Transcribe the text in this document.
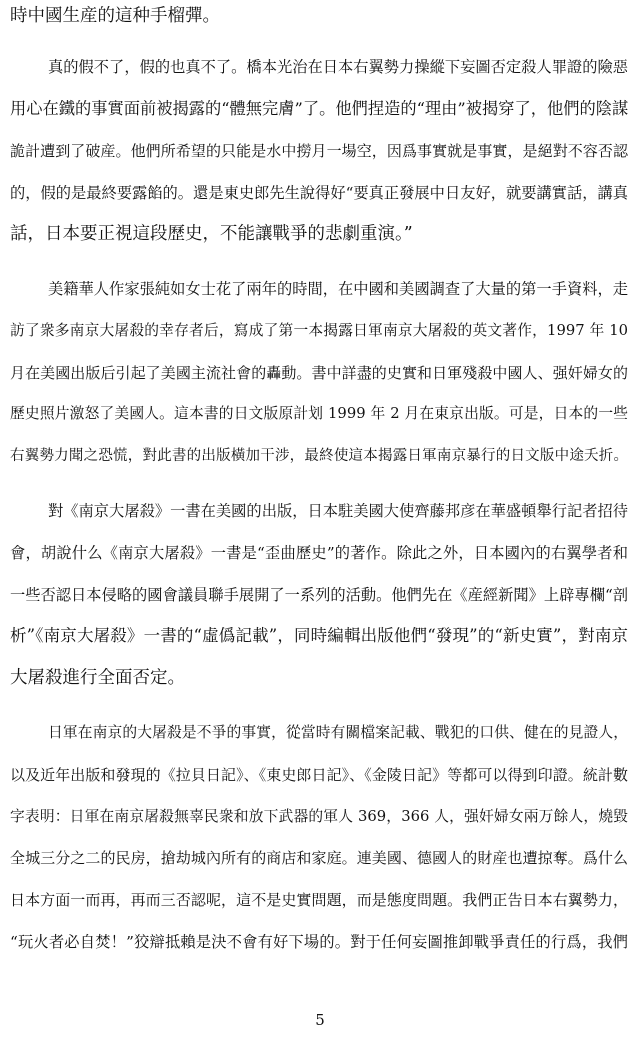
時中國生産的這种手榴彈。
真的假不了，假的也真不了。橋本光治在日本右翼勢力操縱下妄圖否定殺人罪證的險惡
用心在鐵的事實面前被揭露的“體無完膚”了。他們捏造的“理由”被揭穿了，他們的陰謀
詭計遭到了破産。他們所希望的只能是水中撈月一場空，因爲事實就是事實，是絕對不容否認
的，假的是最終要露餡的。還是東史郎先生說得好“要真正發展中日友好，就要講實話，講真
話，日本要正視這段歷史，不能讓戰爭的悲劇重演。”
美籍華人作家張純如女士花了兩年的時間，在中國和美國調查了大量的第一手資料，走
訪了衆多南京大屠殺的幸存者后，寫成了第一本揭露日軍南京大屠殺的英文著作，1997 年 10
月在美國出版后引起了美國主流社會的轟動。書中詳盡的史實和日軍殘殺中國人、强奸婦女的
歷史照片激怒了美國人。這本書的日文版原計划 1999 年 2 月在東京出版。可是，日本的一些
右翼勢力聞之恐慌，對此書的出版橫加干涉，最終使這本揭露日軍南京暴行的日文版中途夭折。
對《南京大屠殺》一書在美國的出版，日本駐美國大使齊藤邦彦在華盛頓舉行記者招待
會，胡說什么《南京大屠殺》一書是“歪曲歷史”的著作。除此之外，日本國內的右翼學者和
一些否認日本侵略的國會議員聯手展開了一系列的活動。他們先在《産經新聞》上辟專欄“剖
析”《南京大屠殺》一書的“虛僞記載”，同時編輯出版他們“發現”的“新史實”，對南京
大屠殺進行全面否定。
日軍在南京的大屠殺是不爭的事實，從當時有關檔案記載、戰犯的口供、健在的見證人，
以及近年出版和發現的《拉貝日記》、《東史郎日記》、《金陵日記》等都可以得到印證。統計數
字表明：日軍在南京屠殺無辜民衆和放下武器的軍人 369，366 人，强奸婦女兩万餘人，燒毀
全城三分之二的民房，搶劫城內所有的商店和家庭。連美國、德國人的財産也遭掠奪。爲什么
日本方面一而再，再而三否認呢，這不是史實問題，而是態度問題。我們正告日本右翼勢力，
“玩火者必自焚！”狡辯抵賴是決不會有好下場的。對于任何妄圖推卸戰爭責任的行爲，我們
5
